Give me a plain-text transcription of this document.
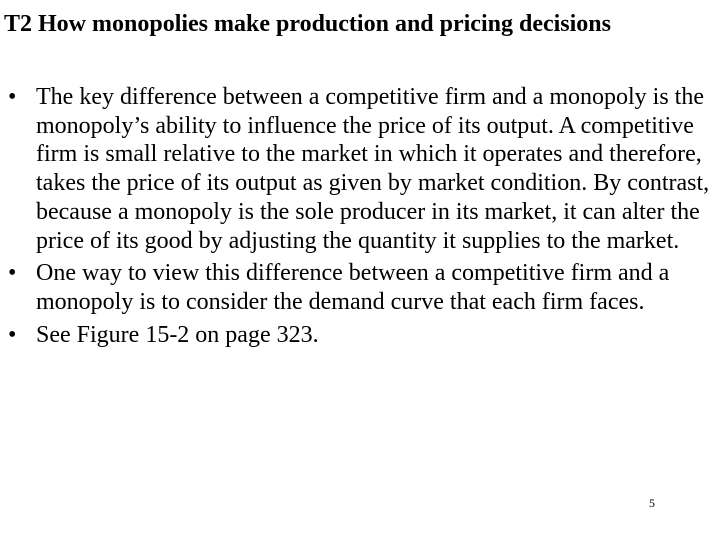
T2 How monopolies make production and pricing decisions
• The key difference between a competitive firm and a monopoly is the monopoly’s ability to influence the price of its output. A competitive firm is small relative to the market in which it operates and therefore, takes the price of its output as given by market condition. By contrast, because a monopoly is the sole producer in its market, it can alter the price of its good by adjusting the quantity it supplies to the market.
• One way to view this difference between a competitive firm and a monopoly is to consider the demand curve that each firm faces.
• See Figure 15-2 on page 323.
5
